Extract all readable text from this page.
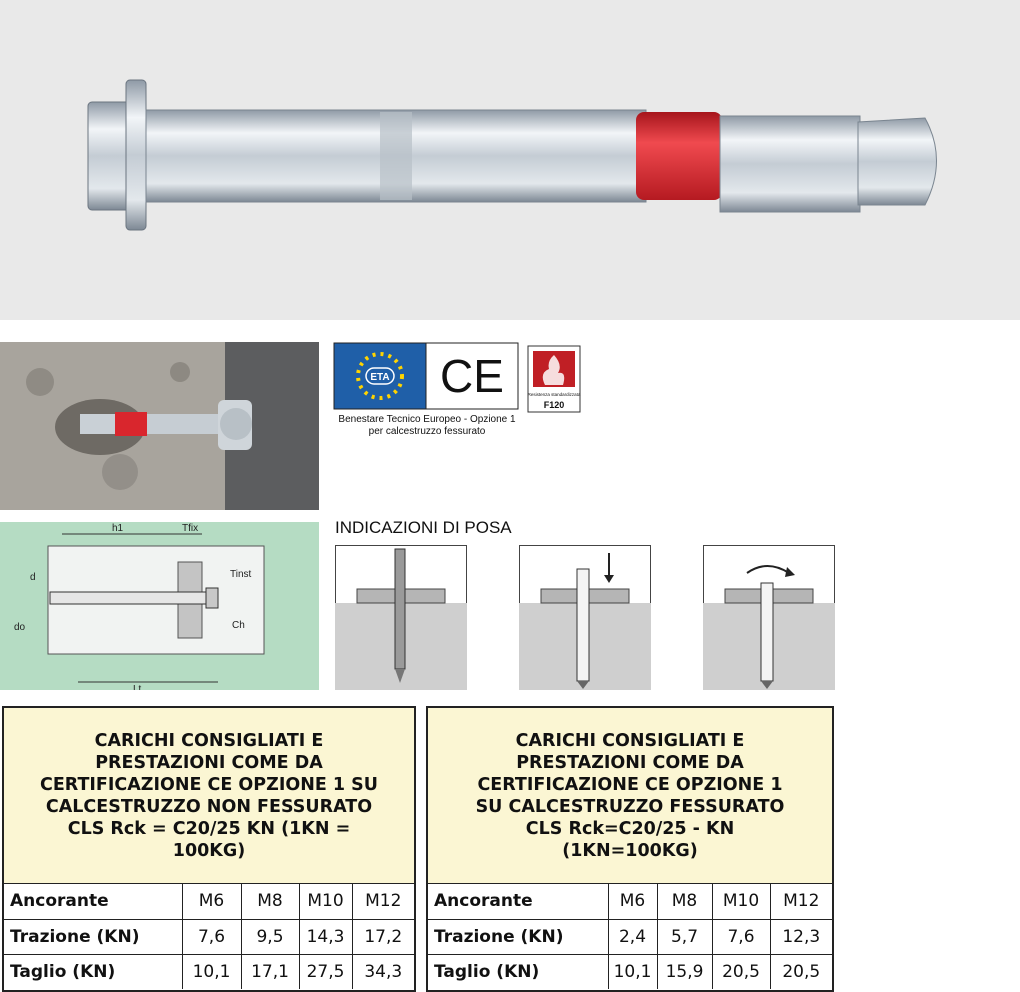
ETA CE
Benestare Tecnico Europeo - Opzione 1 per calcestruzzo fessurato
Resistenza standardizzata
F120
h1	Tfix
Tinst
d
do	Ch
Lt
INDICAZIONI DI POSA
CARICHI CONSIGLIATI E
PRESTAZIONI COME DA
CERTIFICAZIONE CE OPZIONE 1 SU
CALCESTRUZZO NON FESSURATO
CLS Rck = C20/25 KN (1KN =
100KG)
Ancorante	M6	M8	M10	M12
Trazione (KN)	7,6	9,5	14,3	17,2
Taglio (KN)	10,1	17,1	27,5	34,3
CARICHI CONSIGLIATI E
PRESTAZIONI COME DA
CERTIFICAZIONE CE OPZIONE 1
SU CALCESTRUZZO FESSURATO
CLS Rck=C20/25 - KN
(1KN=100KG)
Ancorante	M6	M8	M10	M12
Trazione (KN)	2,4	5,7	7,6	12,3
Taglio (KN)	10,1	15,9	20,5	20,5
